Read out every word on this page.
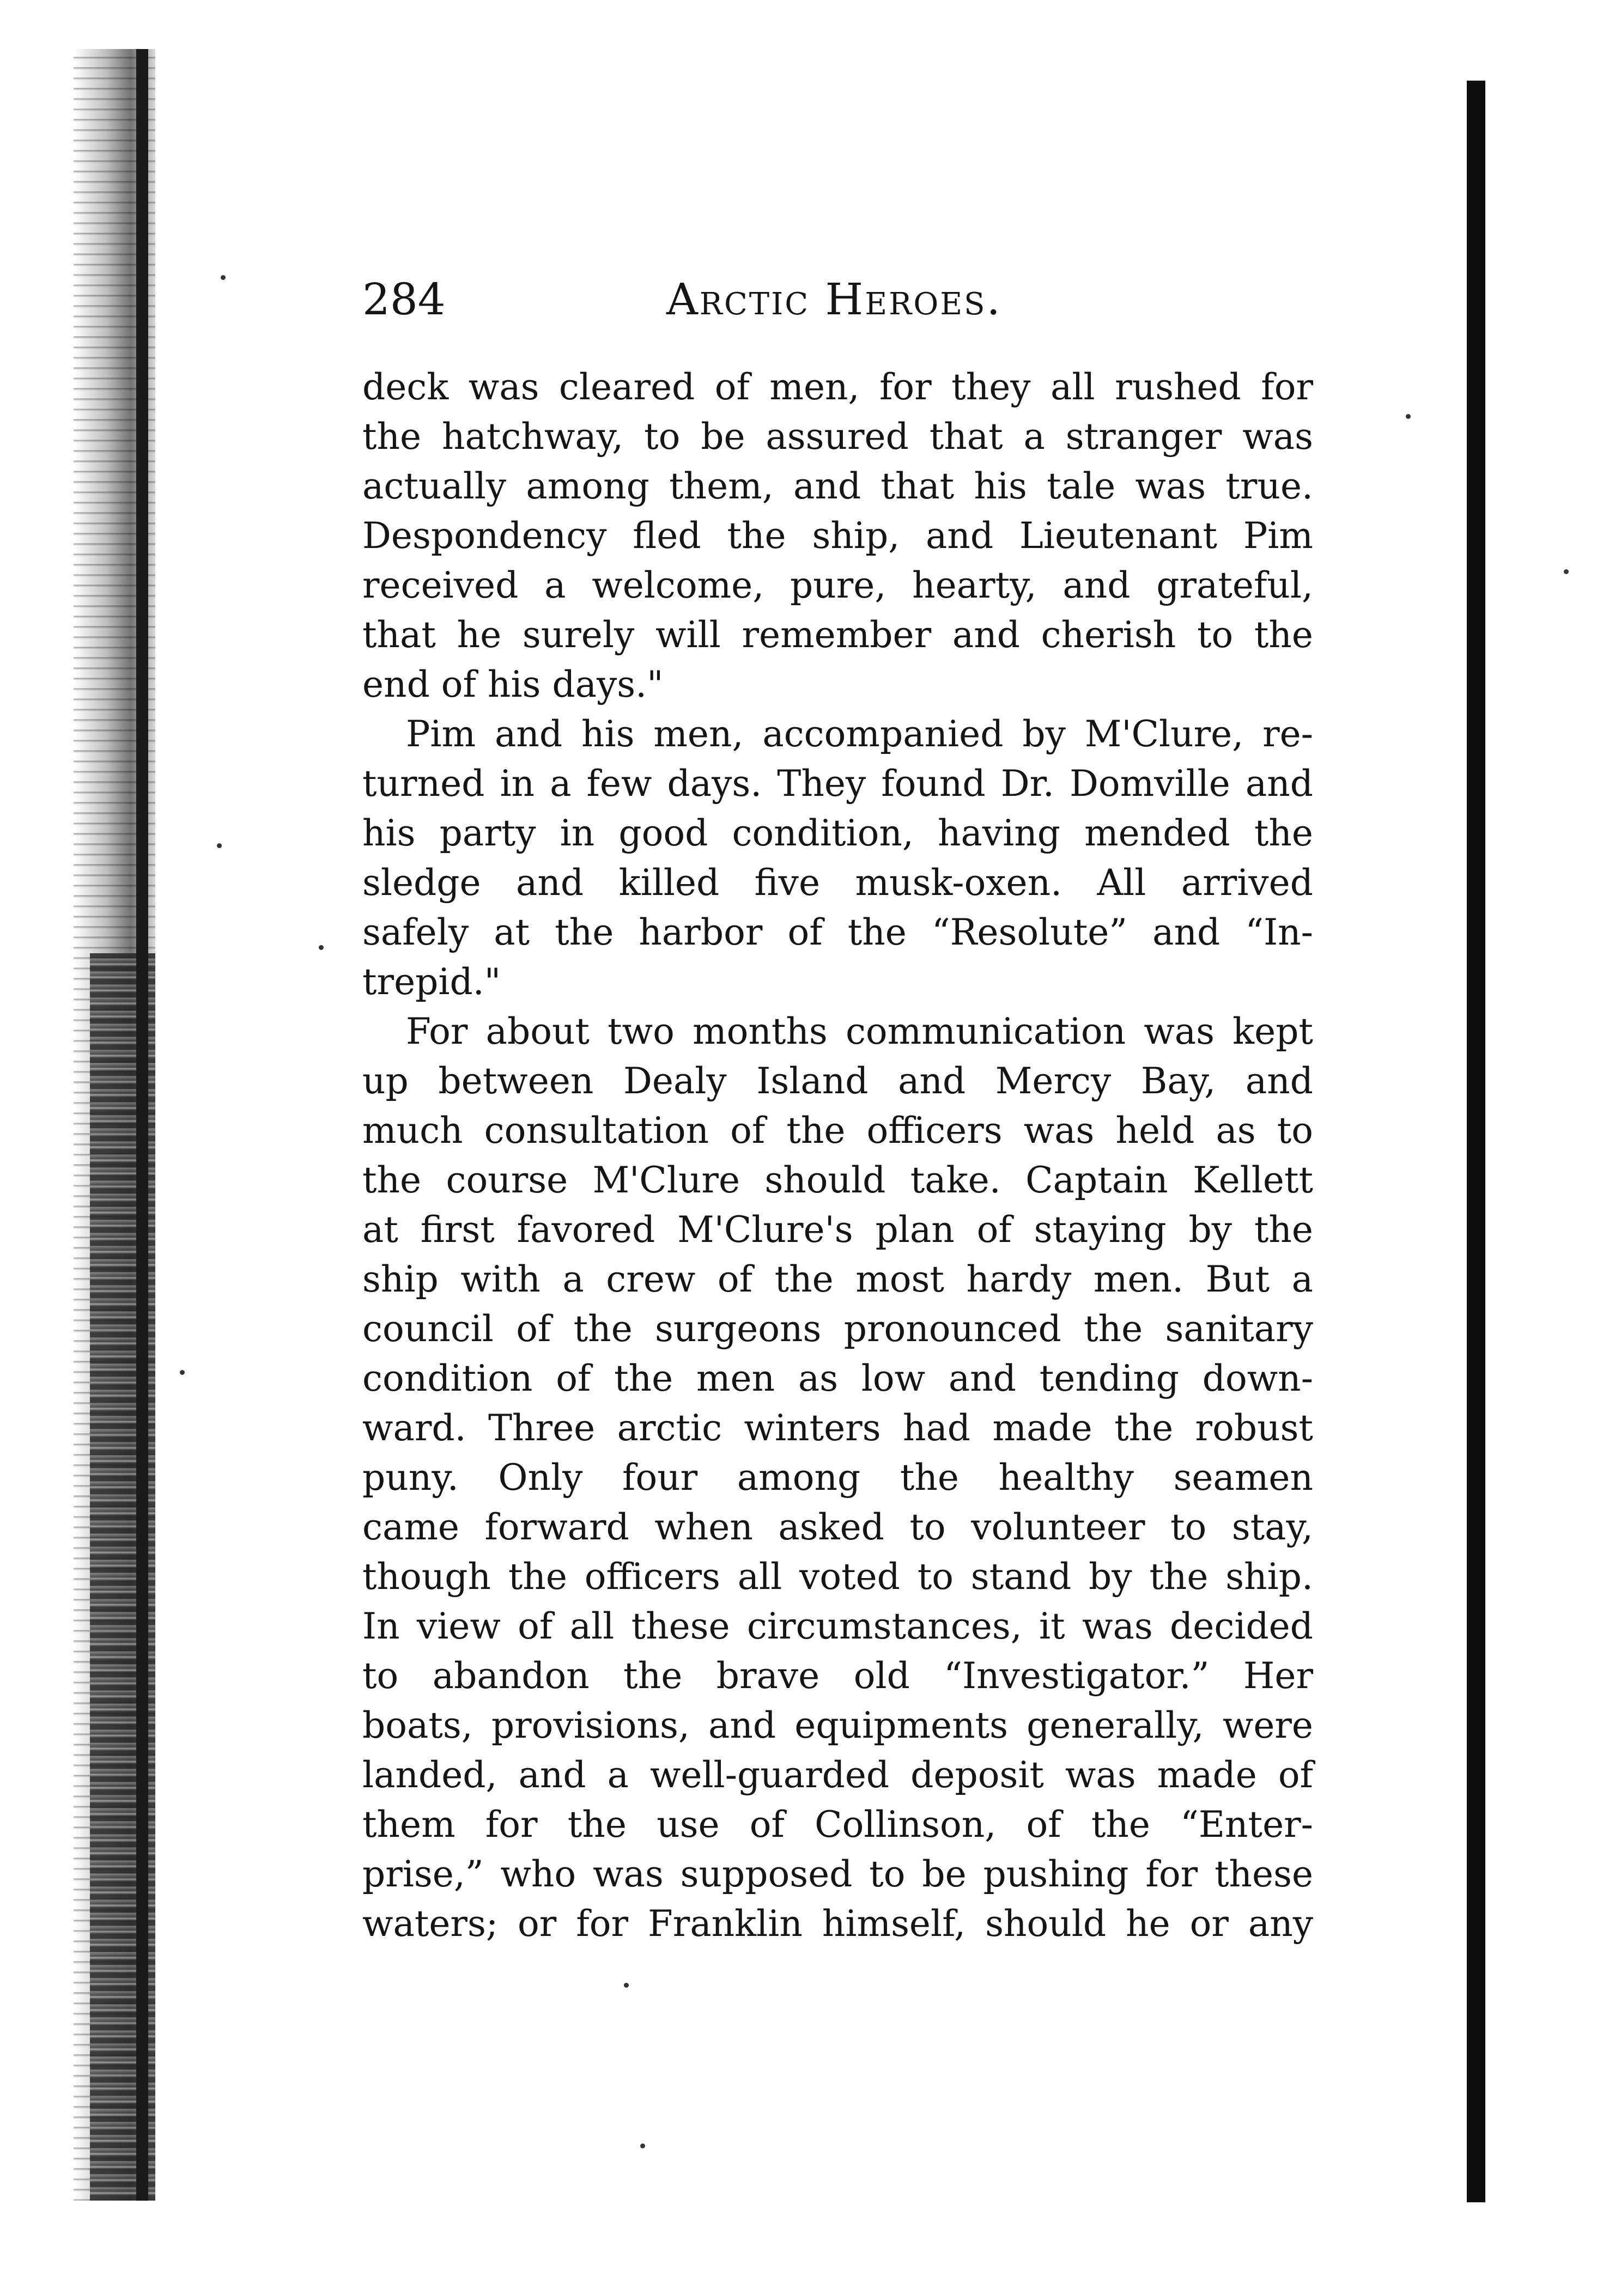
284	Arctic Heroes.
deck was cleared of men, for they all rushed for
the hatchway, to be assured that a stranger was
actually among them, and that his tale was true.
Despondency fled the ship, and Lieutenant Pim
received a welcome, pure, hearty, and grateful,
that he surely will remember and cherish to the
end of his days."
Pim and his men, accompanied by M'Clure, re-
turned in a few days. They found Dr. Domville and
his party in good condition, having mended the
sledge and killed five musk-oxen. All arrived
safely at the harbor of the “Resolute” and “In-
trepid."
For about two months communication was kept
up between Dealy Island and Mercy Bay, and
much consultation of the officers was held as to
the course M'Clure should take. Captain Kellett
at first favored M'Clure's plan of staying by the
ship with a crew of the most hardy men. But a
council of the surgeons pronounced the sanitary
condition of the men as low and tending down-
ward. Three arctic winters had made the robust
puny. Only four among the healthy seamen
came forward when asked to volunteer to stay,
though the officers all voted to stand by the ship.
In view of all these circumstances, it was decided
to abandon the brave old “Investigator.” Her
boats, provisions, and equipments generally, were
landed, and a well-guarded deposit was made of
them for the use of Collinson, of the “Enter-
prise,” who was supposed to be pushing for these
waters; or for Franklin himself, should he or any
